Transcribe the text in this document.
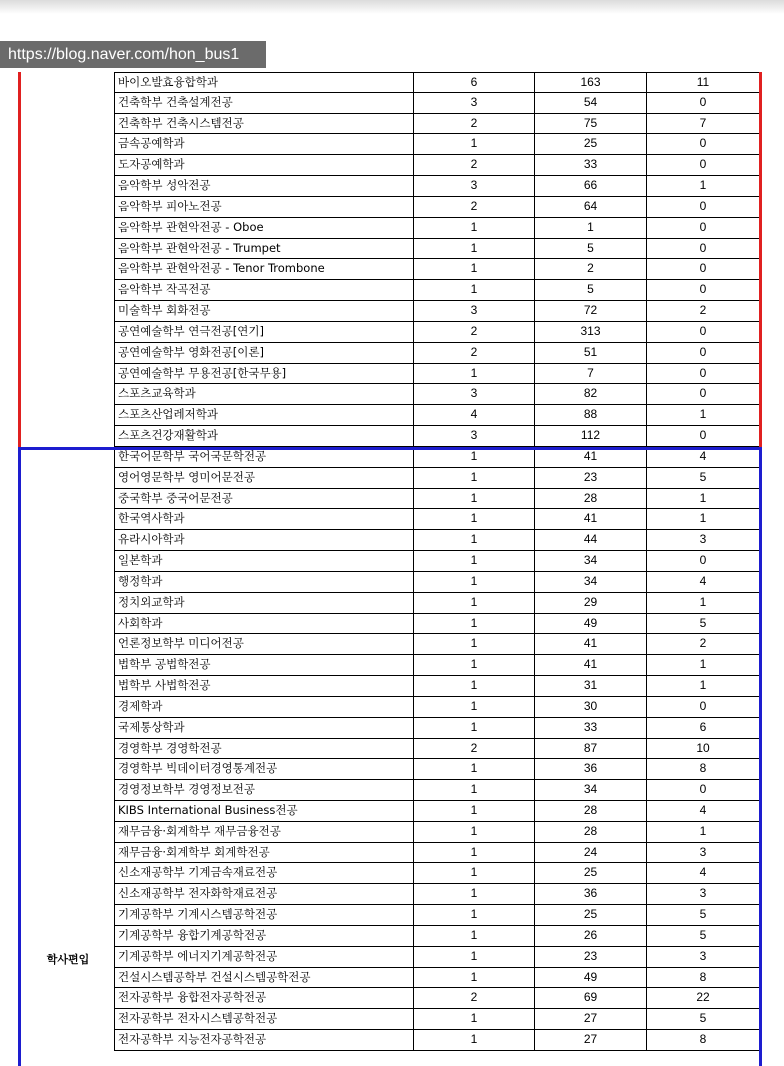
https://blog.naver.com/hon_bus1
학사편입
바이오발효융합학과	6	163	11
건축학부 건축설계전공	3	54	0
건축학부 건축시스템전공	2	75	7
금속공예학과	1	25	0
도자공예학과	2	33	0
음악학부 성악전공	3	66	1
음악학부 피아노전공	2	64	0
음악학부 관현악전공 - Oboe	1	1	0
음악학부 관현악전공 - Trumpet	1	5	0
음악학부 관현악전공 - Tenor Trombone	1	2	0
음악학부 작곡전공	1	5	0
미술학부 회화전공	3	72	2
공연예술학부 연극전공[연기]	2	313	0
공연예술학부 영화전공[이론]	2	51	0
공연예술학부 무용전공[한국무용]	1	7	0
스포츠교육학과	3	82	0
스포츠산업레저학과	4	88	1
스포츠건강재활학과	3	112	0
한국어문학부 국어국문학전공	1	41	4
영어영문학부 영미어문전공	1	23	5
중국학부 중국어문전공	1	28	1
한국역사학과	1	41	1
유라시아학과	1	44	3
일본학과	1	34	0
행정학과	1	34	4
정치외교학과	1	29	1
사회학과	1	49	5
언론정보학부 미디어전공	1	41	2
법학부 공법학전공	1	41	1
법학부 사법학전공	1	31	1
경제학과	1	30	0
국제통상학과	1	33	6
경영학부 경영학전공	2	87	10
경영학부 빅데이터경영통계전공	1	36	8
경영정보학부 경영정보전공	1	34	0
KIBS International Business전공	1	28	4
재무금융·회계학부 재무금융전공	1	28	1
재무금융·회계학부 회계학전공	1	24	3
신소재공학부 기계금속재료전공	1	25	4
신소재공학부 전자화학재료전공	1	36	3
기계공학부 기계시스템공학전공	1	25	5
기계공학부 융합기계공학전공	1	26	5
기계공학부 에너지기계공학전공	1	23	3
건설시스템공학부 건설시스템공학전공	1	49	8
전자공학부 융합전자공학전공	2	69	22
전자공학부 전자시스템공학전공	1	27	5
전자공학부 지능전자공학전공	1	27	8
